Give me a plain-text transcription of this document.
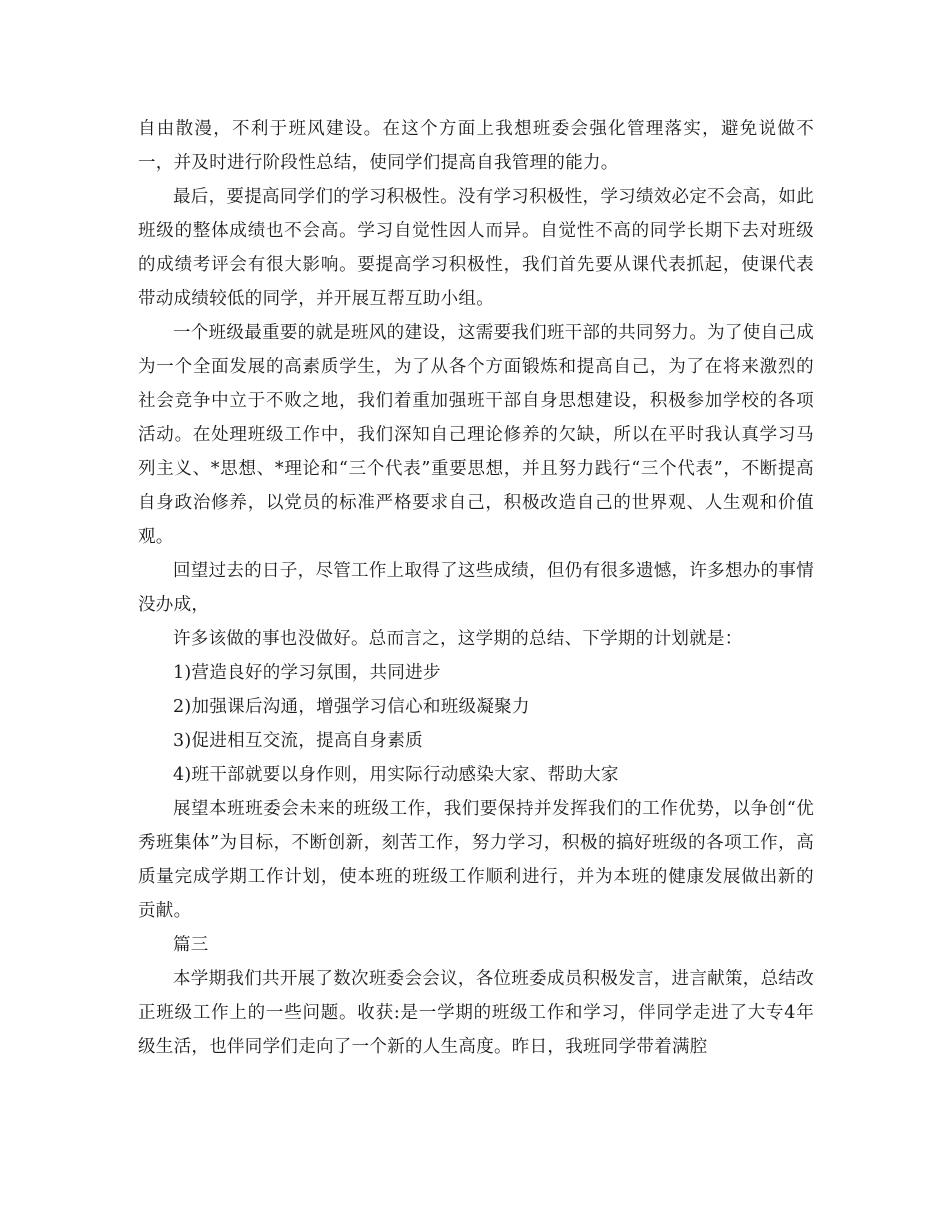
自由散漫，不利于班风建设。在这个方面上我想班委会强化管理落实，避免说做不一，并及时进行阶段性总结，使同学们提高自我管理的能力。

最后，要提高同学们的学习积极性。没有学习积极性，学习绩效必定不会高，如此班级的整体成绩也不会高。学习自觉性因人而异。自觉性不高的同学长期下去对班级的成绩考评会有很大影响。要提高学习积极性，我们首先要从课代表抓起，使课代表带动成绩较低的同学，并开展互帮互助小组。

一个班级最重要的就是班风的建设，这需要我们班干部的共同努力。为了使自己成为一个全面发展的高素质学生，为了从各个方面锻炼和提高自己，为了在将来激烈的社会竞争中立于不败之地，我们着重加强班干部自身思想建设，积极参加学校的各项活动。在处理班级工作中，我们深知自己理论修养的欠缺，所以在平时我认真学习马列主义、*思想、*理论和“三个代表”重要思想，并且努力践行“三个代表”，不断提高自身政治修养，以党员的标准严格要求自己，积极改造自己的世界观、人生观和价值观。

回望过去的日子，尽管工作上取得了这些成绩，但仍有很多遗憾，许多想办的事情没办成，

许多该做的事也没做好。总而言之，这学期的总结、下学期的计划就是：

1)营造良好的学习氛围，共同进步

2)加强课后沟通，增强学习信心和班级凝聚力

3)促进相互交流，提高自身素质

4)班干部就要以身作则，用实际行动感染大家、帮助大家

展望本班班委会未来的班级工作，我们要保持并发挥我们的工作优势，以争创“优秀班集体”为目标，不断创新，刻苦工作，努力学习，积极的搞好班级的各项工作，高质量完成学期工作计划，使本班的班级工作顺利进行，并为本班的健康发展做出新的贡献。

篇三

本学期我们共开展了数次班委会会议，各位班委成员积极发言，进言献策，总结改正班级工作上的一些问题。收获:是一学期的班级工作和学习，伴同学走进了大专4年级生活，也伴同学们走向了一个新的人生高度。昨日，我班同学带着满腔
